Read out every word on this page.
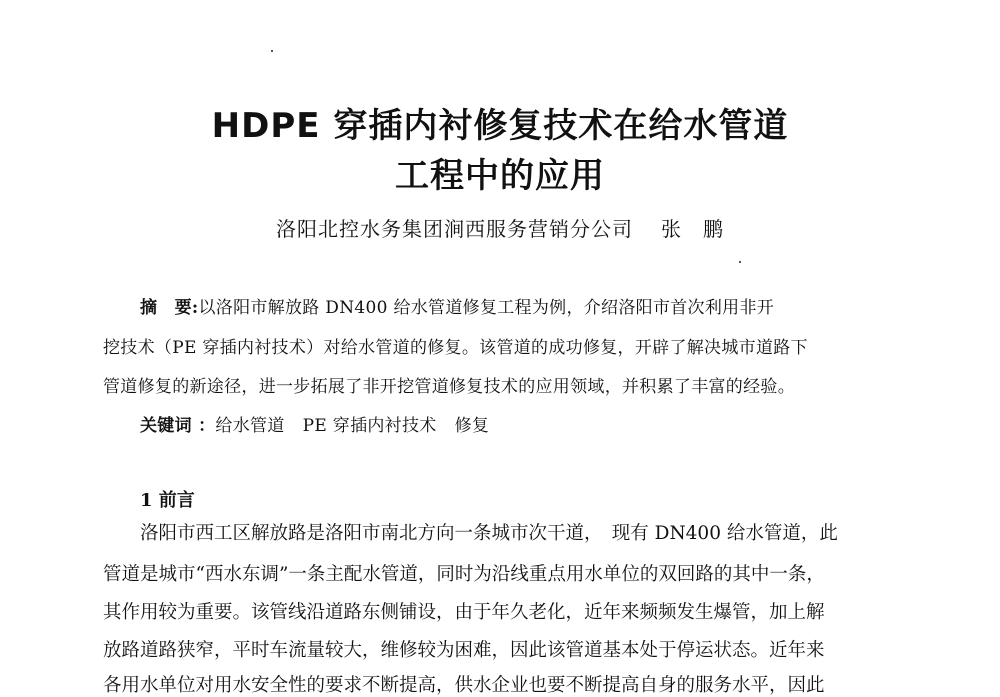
HDPE 穿插内衬修复技术在给水管道
工程中的应用
洛阳北控水务集团涧西服务营销分公司 张　鹏
摘　要:以洛阳市解放路 DN400 给水管道修复工程为例，介绍洛阳市首次利用非开
挖技术（PE 穿插内衬技术）对给水管道的修复。该管道的成功修复，开辟了解决城市道路下
管道修复的新途径，进一步拓展了非开挖管道修复技术的应用领域，并积累了丰富的经验。
关键词 ：给水管道 PE 穿插内衬技术 修复
1 前言
洛阳市西工区解放路是洛阳市南北方向一条城市次干道，　现有 DN400 给水管道，此
管道是城市“西水东调”一条主配水管道，同时为沿线重点用水单位的双回路的其中一条，
其作用较为重要。该管线沿道路东侧铺设，由于年久老化，近年来频频发生爆管，加上解
放路道路狭窄，平时车流量较大，维修较为困难，因此该管道基本处于停运状态。近年来
各用水单位对用水安全性的要求不断提高，供水企业也要不断提高自身的服务水平，因此
